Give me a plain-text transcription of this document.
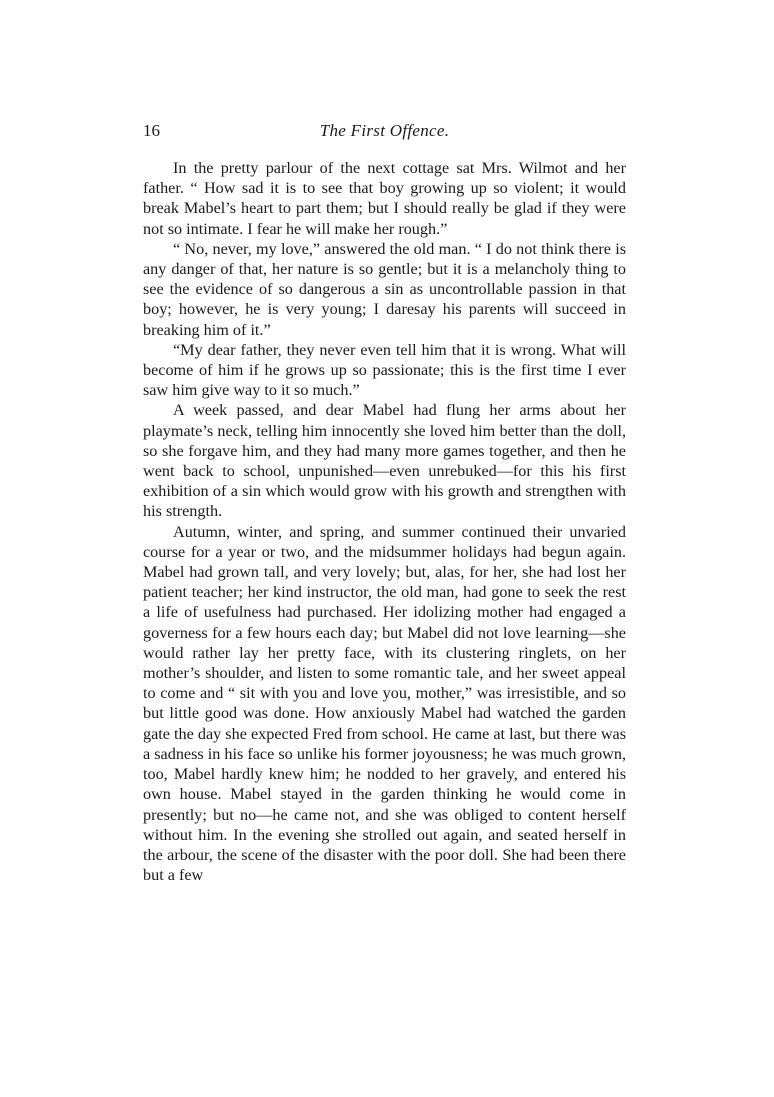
16	The First Offence.

In the pretty parlour of the next cottage sat Mrs. Wilmot and her father. “ How sad it is to see that boy growing up so violent; it would break Mabel’s heart to part them; but I should really be glad if they were not so intimate. I fear he will make her rough.”

“ No, never, my love,” answered the old man. “ I do not think there is any danger of that, her nature is so gentle; but it is a melancholy thing to see the evidence of so dangerous a sin as uncontrollable passion in that boy; however, he is very young; I daresay his parents will succeed in breaking him of it.”

“My dear father, they never even tell him that it is wrong. What will become of him if he grows up so passionate; this is the first time I ever saw him give way to it so much.”

A week passed, and dear Mabel had flung her arms about her playmate’s neck, telling him innocently she loved him better than the doll, so she forgave him, and they had many more games together, and then he went back to school, unpunished—even unrebuked—for this his first exhibition of a sin which would grow with his growth and strengthen with his strength.

Autumn, winter, and spring, and summer continued their unvaried course for a year or two, and the midsummer holidays had begun again. Mabel had grown tall, and very lovely; but, alas, for her, she had lost her patient teacher; her kind instructor, the old man, had gone to seek the rest a life of usefulness had purchased. Her idolizing mother had engaged a governess for a few hours each day; but Mabel did not love learning—she would rather lay her pretty face, with its clustering ringlets, on her mother’s shoulder, and listen to some romantic tale, and her sweet appeal to come and “ sit with you and love you, mother,” was irresistible, and so but little good was done. How anxiously Mabel had watched the garden gate the day she expected Fred from school. He came at last, but there was a sadness in his face so unlike his former joyousness; he was much grown, too, Mabel hardly knew him; he nodded to her gravely, and entered his own house. Mabel stayed in the garden thinking he would come in presently; but no—he came not, and she was obliged to content herself without him. In the evening she strolled out again, and seated herself in the arbour, the scene of the disaster with the poor doll. She had been there but a few
